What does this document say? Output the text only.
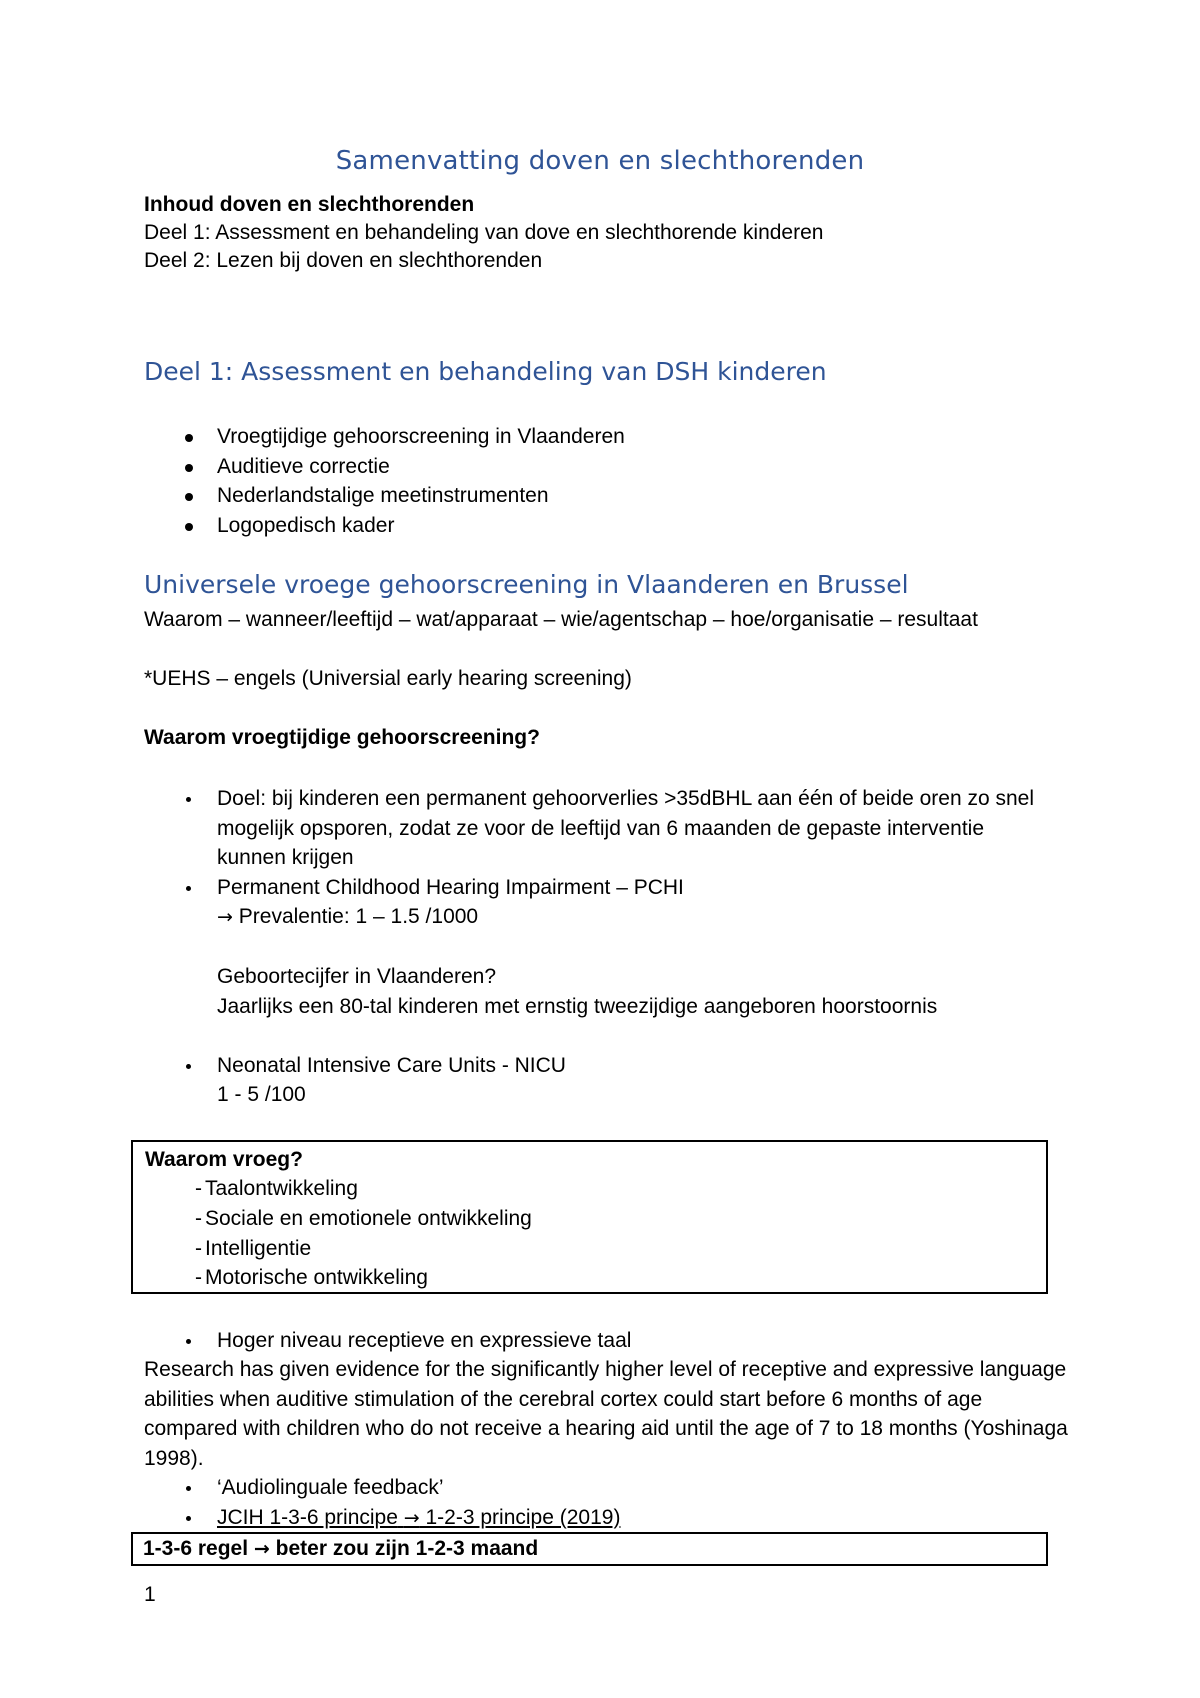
Samenvatting doven en slechthorenden
Inhoud doven en slechthorenden
Deel 1: Assessment en behandeling van dove en slechthorende kinderen
Deel 2: Lezen bij doven en slechthorenden
Deel 1: Assessment en behandeling van DSH kinderen
Vroegtijdige gehoorscreening in Vlaanderen
Auditieve correctie
Nederlandstalige meetinstrumenten
Logopedisch kader
Universele vroege gehoorscreening in Vlaanderen en Brussel
Waarom – wanneer/leeftijd – wat/apparaat – wie/agentschap – hoe/organisatie – resultaat
*UEHS – engels (Universial early hearing screening)
Waarom vroegtijdige gehoorscreening?
Doel: bij kinderen een permanent gehoorverlies >35dBHL aan één of beide oren zo snel mogelijk opsporen, zodat ze voor de leeftijd van 6 maanden de gepaste interventie kunnen krijgen
Permanent Childhood Hearing Impairment – PCHI
→ Prevalentie: 1 – 1.5 /1000

Geboortecijfer in Vlaanderen?
Jaarlijks een 80-tal kinderen met ernstig tweezijdige aangeboren hoorstoornis

Neonatal Intensive Care Units - NICU
1 - 5 /100
Waarom vroeg?
- Taalontwikkeling
- Sociale en emotionele ontwikkeling
- Intelligentie
- Motorische ontwikkeling
Hoger niveau receptieve en expressieve taal
Research has given evidence for the significantly higher level of receptive and expressive language abilities when auditive stimulation of the cerebral cortex could start before 6 months of age compared with children who do not receive a hearing aid until the age of 7 to 18 months (Yoshinaga 1998).
‘Audiolinguale feedback’
JCIH 1-3-6 principe → 1-2-3 principe (2019)
1-3-6 regel → beter zou zijn 1-2-3 maand
1
